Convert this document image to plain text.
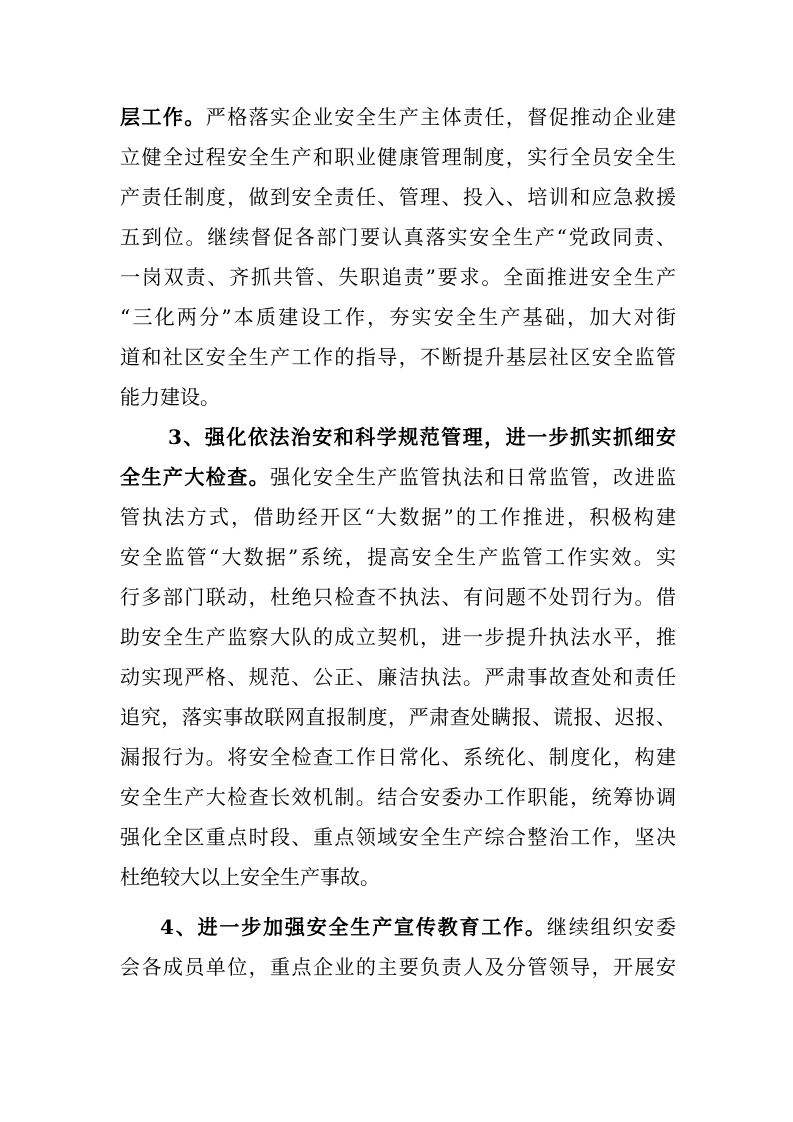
层工作。严格落实企业安全生产主体责任，督促推动企业建
立健全过程安全生产和职业健康管理制度，实行全员安全生
产责任制度，做到安全责任、管理、投入、培训和应急救援
五到位。继续督促各部门要认真落实安全生产“党政同责、
一岗双责、齐抓共管、失职追责”要求。全面推进安全生产
“三化两分”本质建设工作，夯实安全生产基础，加大对街
道和社区安全生产工作的指导，不断提升基层社区安全监管
能力建设。
3、强化依法治安和科学规范管理，进一步抓实抓细安
全生产大检查。强化安全生产监管执法和日常监管，改进监
管执法方式，借助经开区“大数据”的工作推进，积极构建
安全监管“大数据”系统，提高安全生产监管工作实效。实
行多部门联动，杜绝只检查不执法、有问题不处罚行为。借
助安全生产监察大队的成立契机，进一步提升执法水平，推
动实现严格、规范、公正、廉洁执法。严肃事故查处和责任
追究，落实事故联网直报制度，严肃查处瞒报、谎报、迟报、
漏报行为。将安全检查工作日常化、系统化、制度化，构建
安全生产大检查长效机制。结合安委办工作职能，统筹协调
强化全区重点时段、重点领域安全生产综合整治工作，坚决
杜绝较大以上安全生产事故。
4、进一步加强安全生产宣传教育工作。继续组织安委
会各成员单位，重点企业的主要负责人及分管领导，开展安
